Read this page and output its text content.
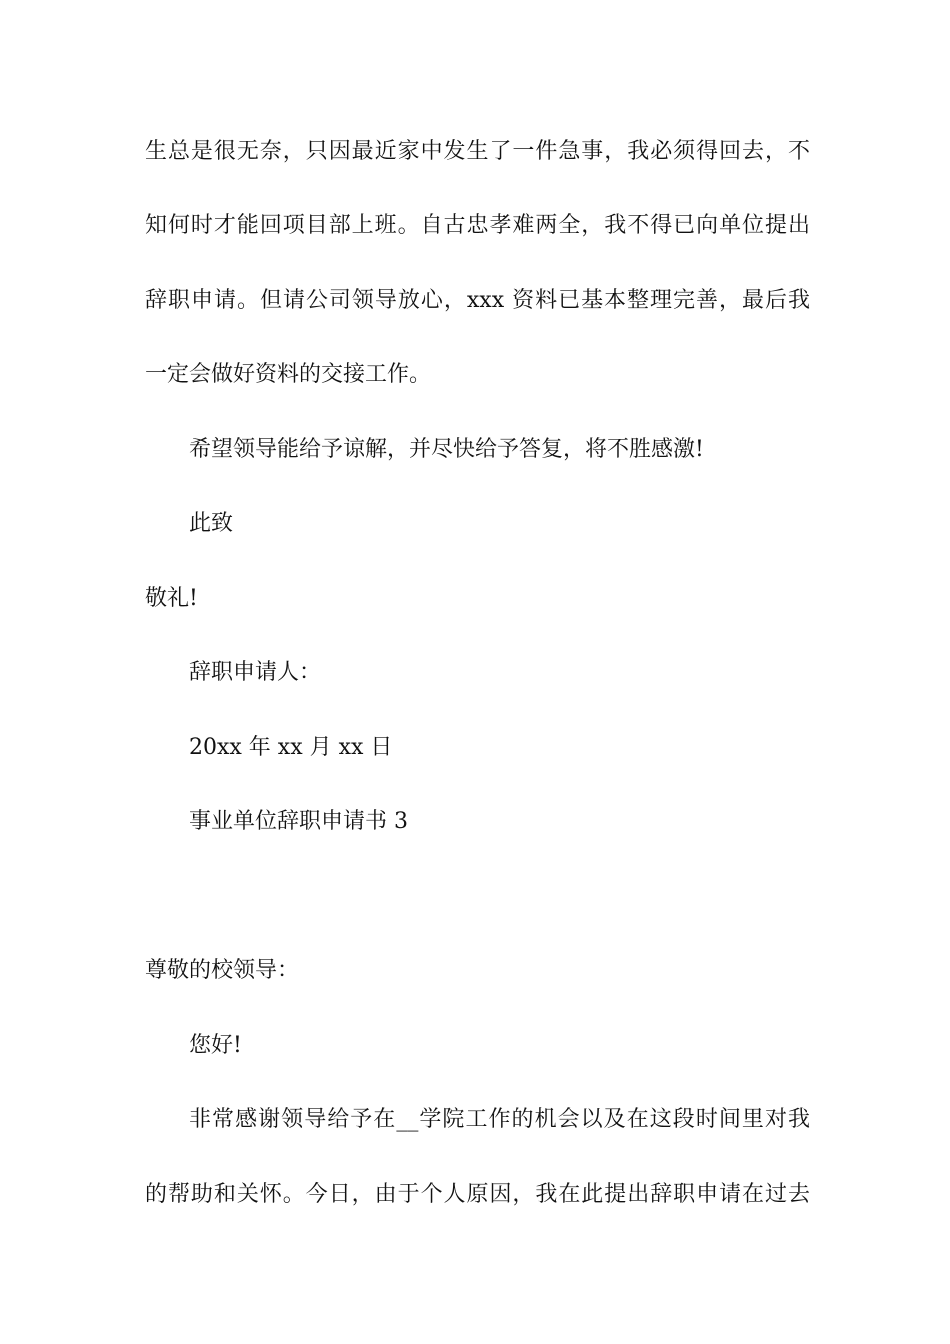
生总是很无奈，只因最近家中发生了一件急事，我必须得回去，不
知何时才能回项目部上班。自古忠孝难两全，我不得已向单位提出
辞职申请。但请公司领导放心，xxx 资料已基本整理完善，最后我
一定会做好资料的交接工作。
希望领导能给予谅解，并尽快给予答复，将不胜感激!
此致
敬礼!
辞职申请人：
20xx 年 xx 月 xx 日
事业单位辞职申请书 3
尊敬的校领导：
您好!
非常感谢领导给予在__学院工作的机会以及在这段时间里对我
的帮助和关怀。今日，由于个人原因，我在此提出辞职申请在过去
